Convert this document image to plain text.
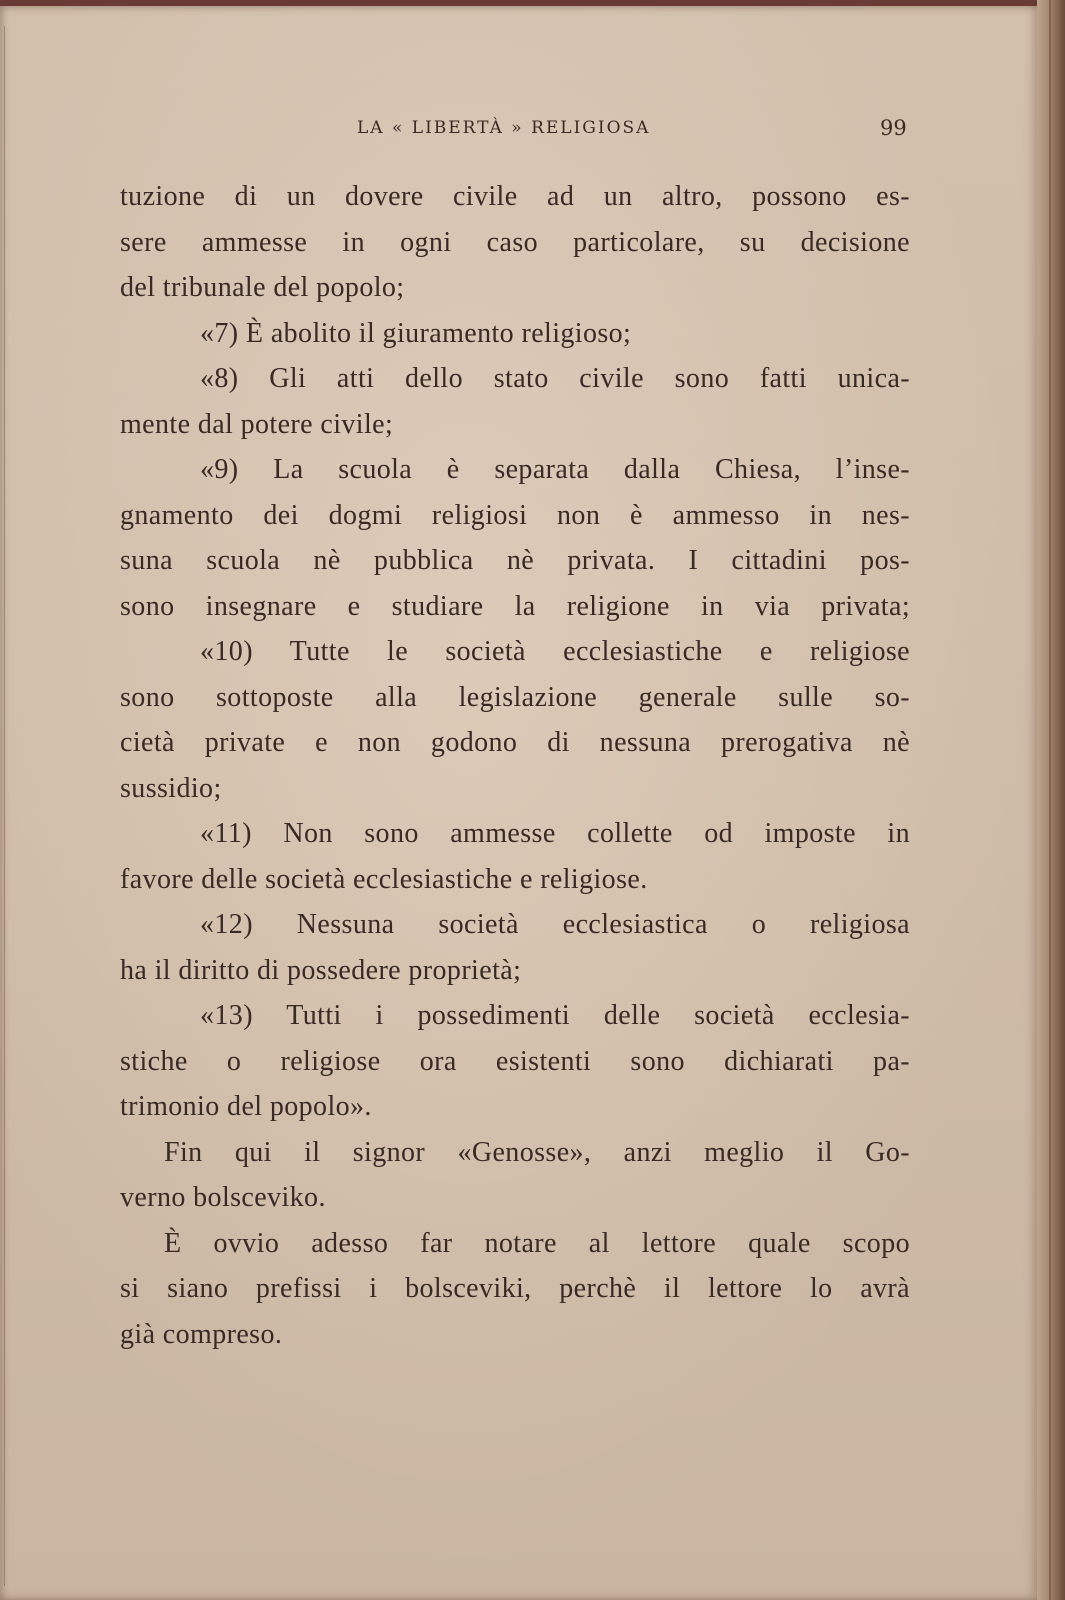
LA « LIBERTÀ » RELIGIOSA	99
tuzione di un dovere civile ad un altro, possono es-
sere ammesse in ogni caso particolare, su decisione
del tribunale del popolo;
«7) È abolito il giuramento religioso;
«8) Gli atti dello stato civile sono fatti unica-
mente dal potere civile;
«9) La scuola è separata dalla Chiesa, l’inse-
gnamento dei dogmi religiosi non è ammesso in nes-
suna scuola nè pubblica nè privata. I cittadini pos-
sono insegnare e studiare la religione in via privata;
«10) Tutte le società ecclesiastiche e religiose
sono sottoposte alla legislazione generale sulle so-
cietà private e non godono di nessuna prerogativa nè
sussidio;
«11) Non sono ammesse collette od imposte in
favore delle società ecclesiastiche e religiose.
«12) Nessuna società ecclesiastica o religiosa
ha il diritto di possedere proprietà;
«13) Tutti i possedimenti delle società ecclesia-
stiche o religiose ora esistenti sono dichiarati pa-
trimonio del popolo».
Fin qui il signor «Genosse», anzi meglio il Go-
verno bolsceviko.
È ovvio adesso far notare al lettore quale scopo
si siano prefissi i bolsceviki, perchè il lettore lo avrà
già compreso.
